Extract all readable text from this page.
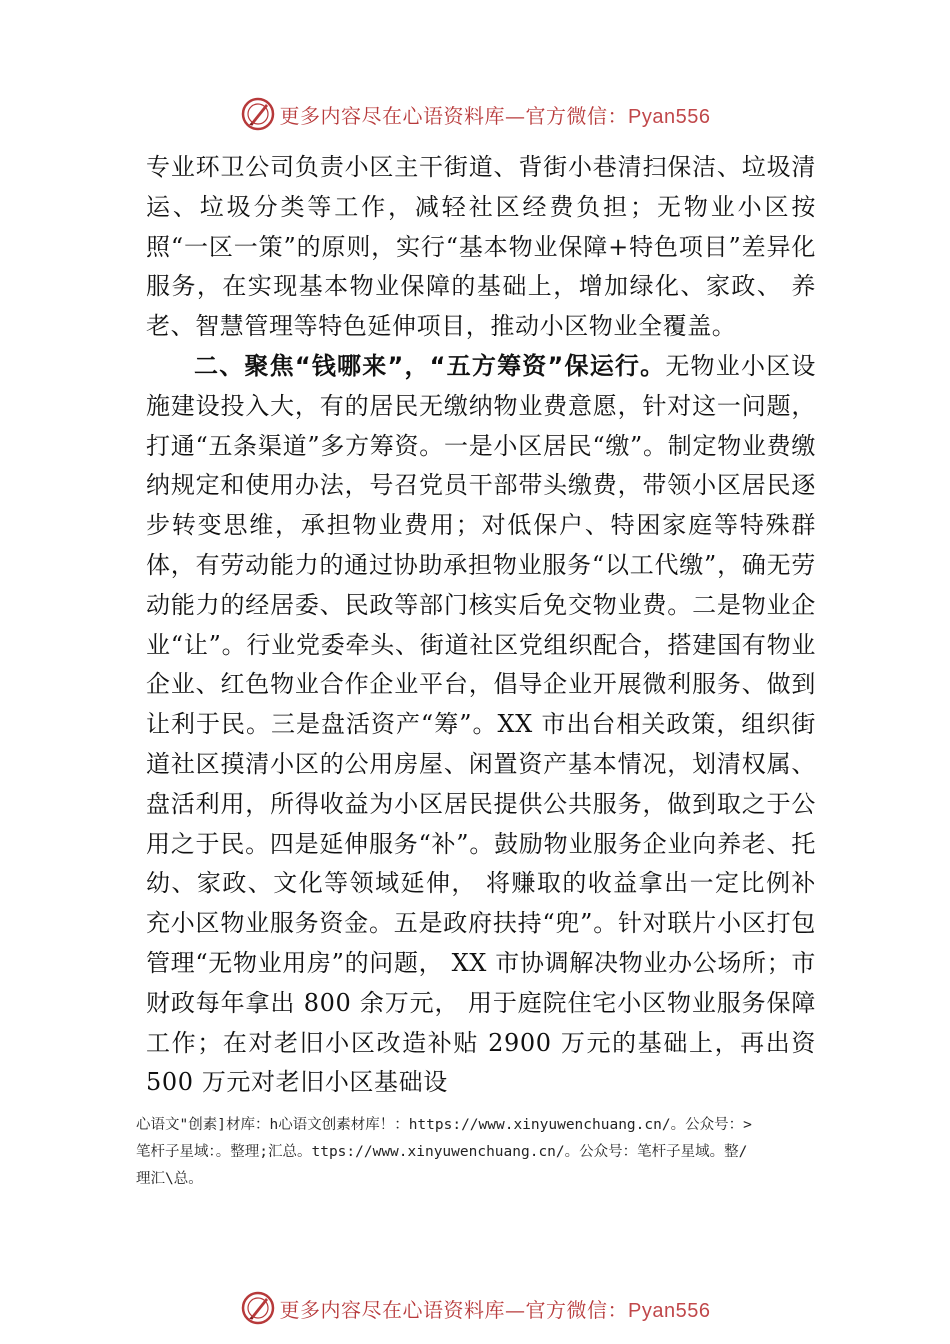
更多内容尽在心语资料库—官方微信：Pyan556

专业环卫公司负责小区主干街道、背街小巷清扫保洁、垃圾清运、垃圾分类等工作，减轻社区经费负担；无物业小区按照“一区一策”的原则，实行“基本物业保障+特色项目”差异化服务，在实现基本物业保障的基础上，增加绿化、家政、 养老、智慧管理等特色延伸项目，推动小区物业全覆盖。

二、聚焦“钱哪来”，“五方筹资”保运行。无物业小区设施建设投入大，有的居民无缴纳物业费意愿，针对这一问题，打通“五条渠道”多方筹资。一是小区居民“缴”。制定物业费缴纳规定和使用办法，号召党员干部带头缴费，带领小区居民逐步转变思维，承担物业费用；对低保户、特困家庭等特殊群体，有劳动能力的通过协助承担物业服务“以工代缴”，确无劳动能力的经居委、民政等部门核实后免交物业费。二是物业企业“让”。行业党委牵头、街道社区党组织配合，搭建国有物业企业、红色物业合作企业平台，倡导企业开展微利服务、做到让利于民。三是盘活资产“筹”。XX 市出台相关政策，组织街道社区摸清小区的公用房屋、闲置资产基本情况，划清权属、盘活利用，所得收益为小区居民提供公共服务，做到取之于公用之于民。四是延伸服务“补”。鼓励物业服务企业向养老、托幼、家政、文化等领域延伸， 将赚取的收益拿出一定比例补充小区物业服务资金。五是政府扶持“兜”。针对联片小区打包管理“无物业用房”的问题， XX 市协调解决物业办公场所；市财政每年拿出 800 余万元， 用于庭院住宅小区物业服务保障工作；在对老旧小区改造补贴 2900 万元的基础上，再出资 500 万元对老旧小区基础设

心语文"创素]材库：h心语文创素材库！：https://www.xinyuwenchuang.cn/。公众号：>
笔杆子星域：。整理;汇总。ttps://www.xinyuwenchuang.cn/。公众号：笔杆子星域。整/
理汇\总。
更多内容尽在心语资料库—官方微信：Pyan556
